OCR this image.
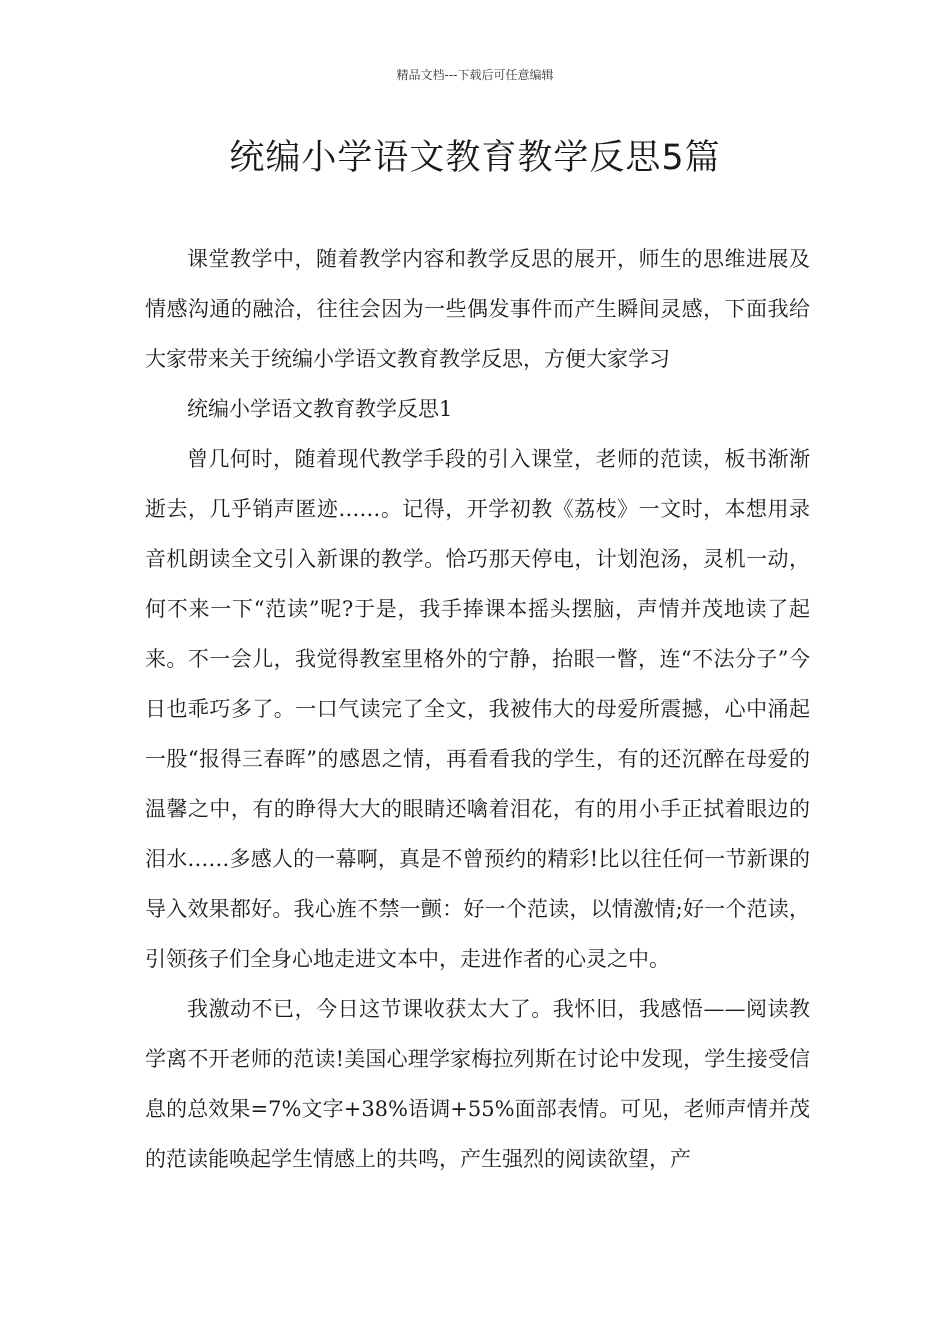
精品文档---下载后可任意编辑
统编小学语文教育教学反思5篇

课堂教学中，随着教学内容和教学反思的展开，师生的思维进展及情感沟通的融洽，往往会因为一些偶发事件而产生瞬间灵感，下面我给大家带来关于统编小学语文教育教学反思，方便大家学习

统编小学语文教育教学反思1

曾几何时，随着现代教学手段的引入课堂，老师的范读，板书渐渐逝去，几乎销声匿迹……。记得，开学初教《荔枝》一文时，本想用录音机朗读全文引入新课的教学。恰巧那天停电，计划泡汤，灵机一动，何不来一下“范读”呢?于是，我手捧课本摇头摆脑，声情并茂地读了起来。不一会儿，我觉得教室里格外的宁静，抬眼一瞥，连“不法分子”今日也乖巧多了。一口气读完了全文，我被伟大的母爱所震撼，心中涌起一股“报得三春晖”的感恩之情，再看看我的学生，有的还沉醉在母爱的温馨之中，有的睁得大大的眼睛还噙着泪花，有的用小手正拭着眼边的泪水……多感人的一幕啊，真是不曾预约的精彩!比以往任何一节新课的导入效果都好。我心旌不禁一颤：好一个范读，以情激情;好一个范读，引领孩子们全身心地走进文本中，走进作者的心灵之中。

我激动不已，今日这节课收获太大了。我怀旧，我感悟——阅读教学离不开老师的范读!美国心理学家梅拉列斯在讨论中发现，学生接受信息的总效果=7%文字+38%语调+55%面部表情。可见，老师声情并茂的范读能唤起学生情感上的共鸣，产生强烈的阅读欲望，产
